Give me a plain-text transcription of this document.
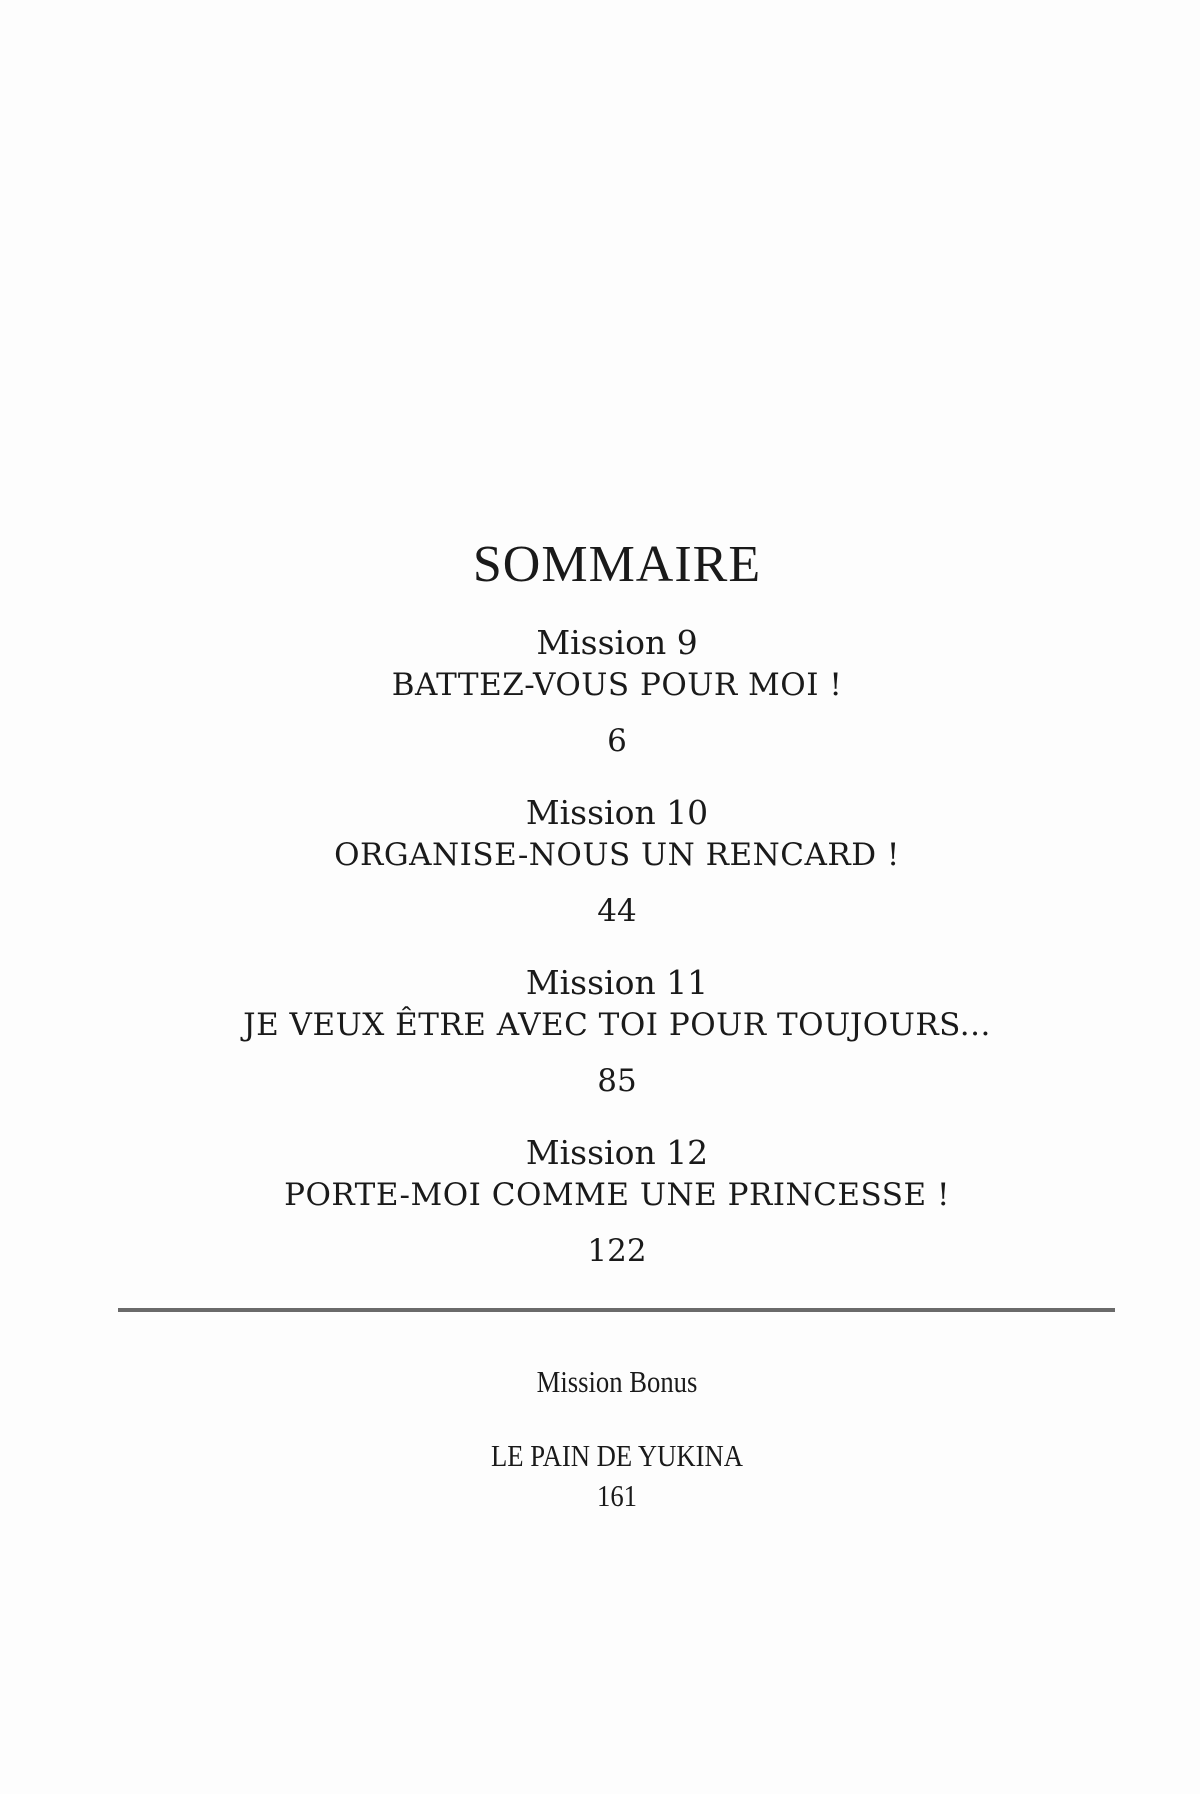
SOMMAIRE
Mission 9
BATTEZ-VOUS POUR MOI !
6
Mission 10
ORGANISE-NOUS UN RENCARD !
44
Mission 11
JE VEUX ÊTRE AVEC TOI POUR TOUJOURS...
85
Mission 12
PORTE-MOI COMME UNE PRINCESSE !
122
Mission Bonus
LE PAIN DE YUKINA
161
